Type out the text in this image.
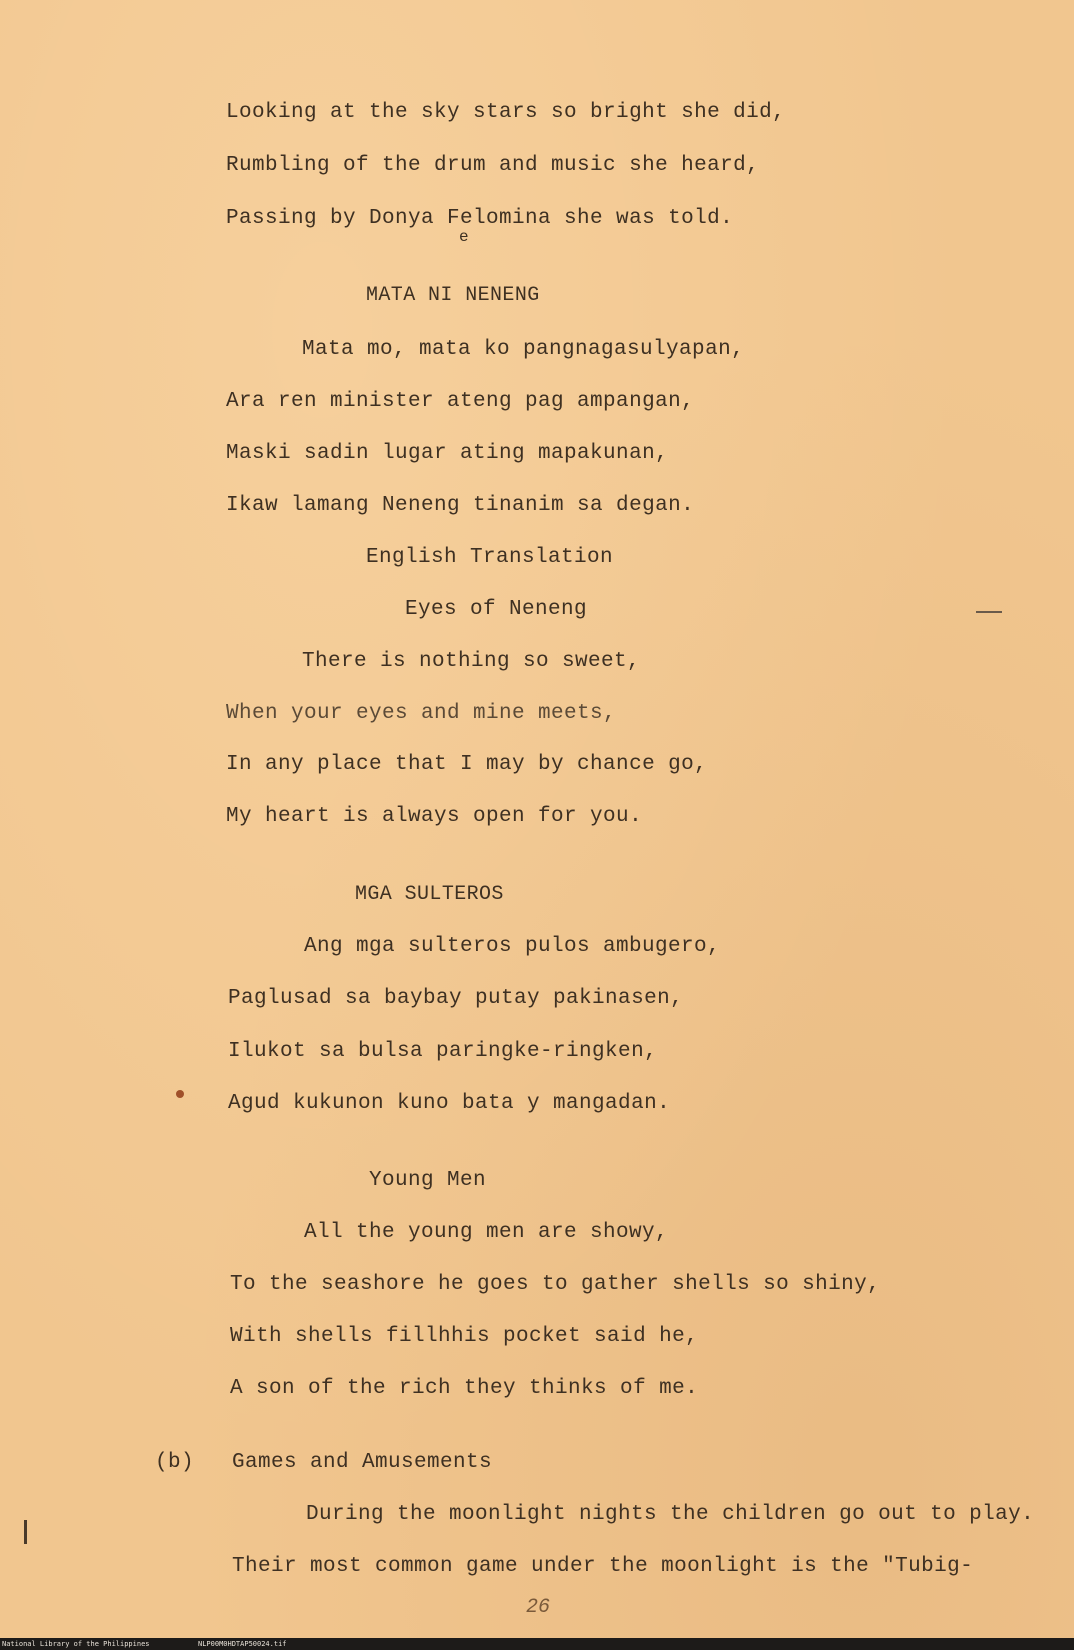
Looking at the sky stars so bright she did,
Rumbling of the drum and music she heard,
Passing by Donya Felomina she was told.
e
MATA NI NENENG
Mata mo, mata ko pangnagasulyapan,
Ara ren minister ateng pag ampangan,
Maski sadin lugar ating mapakunan,
Ikaw lamang Neneng tinanim sa degan.
English Translation
Eyes of Neneng
There is nothing so sweet,
When your eyes and mine meets,
In any place that I may by chance go,
My heart is always open for you.
MGA SULTEROS
Ang mga sulteros pulos ambugero,
Paglusad sa baybay putay pakinasen,
Ilukot sa bulsa paringke-ringken,
Agud kukunon kuno bata y mangadan.
Young Men
All the young men are showy,
To the seashore he goes to gather shells so shiny,
With shells fillhhis pocket said he,
A son of the rich they thinks of me.
(b) Games and Amusements
During the moonlight nights the children go out to play.
Their most common game under the moonlight is the "Tubig-
26
National Library of the Philippines	NLP00M0HDTAP50024.tif
